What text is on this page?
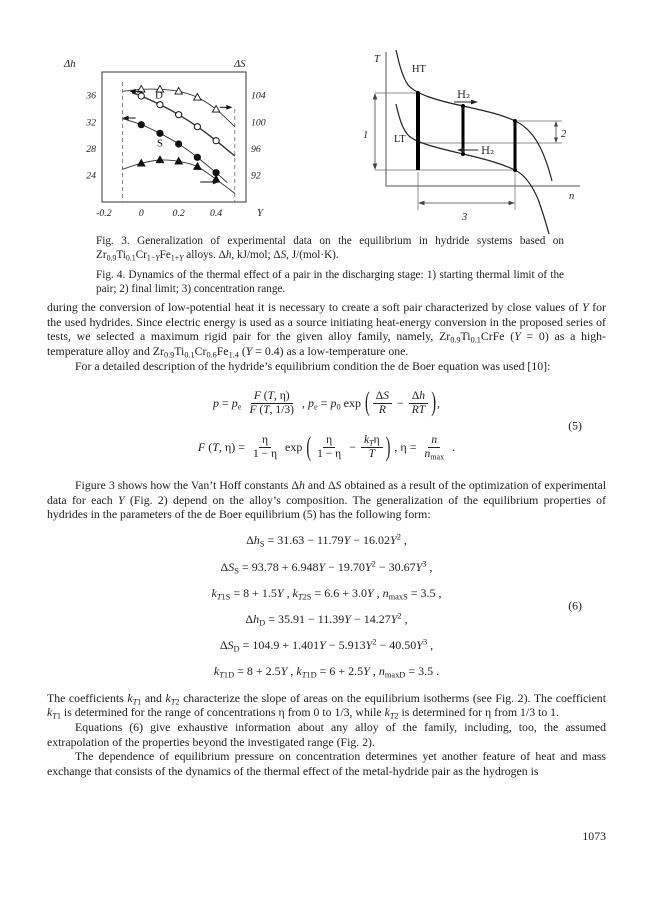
Δh	ΔS
36
32
28
24
104
100
96
92
-0.2	0	0.2	0.4	Y
D
S
T
n
HT
LT
H₂
H₂
1	2
3

Fig. 3. Generalization of experimental data on the equilibrium in hydride systems based on $Zr_{0.9}Ti_{0.1}Cr_{1-Y}Fe_{1+Y}$ alloys. Δh, kJ/mol; ΔS, J/(mol·K).

Fig. 4. Dynamics of the thermal effect of a pair in the discharging stage: 1) starting thermal limit of the pair; 2) final limit; 3) concentration range.

during the conversion of low-potential heat it is necessary to create a soft pair characterized by close values of Y for the used hydrides. Since electric energy is used as a source initiating heat-energy conversion in the proposed series of tests, we selected a maximum rigid pair for the given alloy family, namely, $Zr_{0.9}Ti_{0.1}CrFe$ (Y = 0) as a high-temperature alloy and $Zr_{0.9}Ti_{0.1}Cr_{0.6}Fe_{1.4}$ (Y = 0.4) as a low-temperature one.

For a detailed description of the hydride’s equilibrium condition the de Boer equation was used [10]:

$p = p_e \frac{F (T, \eta)}{F (T, 1/3)}$ , $p_e = p_0$ exp ( $\frac{\Delta S}{R} - \frac{\Delta h}{RT}$ ),
F (T, $\eta) = \frac{\eta}{1 - \eta}$ exp ( $\frac{\eta}{1 - \eta} - \frac{k_T\eta}{T}$ ) , $\eta = \frac{n}{n_{max}}$ .
(5)

Figure 3 shows how the Van’t Hoff constants Δh and ΔS obtained as a result of the optimization of experimental data for each Y (Fig. 2) depend on the alloy’s composition. The generalization of the equilibrium properties of hydrides in the parameters of the de Boer equilibrium (5) has the following form:

$\Delta h_S = 31.63 - 11.79Y - 16.02Y^2$ ,
$\Delta S_S = 93.78 + 6.948Y - 19.70Y^2 - 30.67Y^3$ ,
$k_{T1S} = 8 + 1.5Y$ , $k_{T2S} = 6.6 + 3.0Y$ , $n_{maxS} = 3.5$ ,
$\Delta h_D = 35.91 - 11.39Y - 14.27Y^2$ ,
$\Delta S_D = 104.9 + 1.401Y - 5.913Y^2 - 40.50Y^3$ ,
$k_{T1D} = 8 + 2.5Y$ , $k_{T1D} = 6 + 2.5Y$ , $n_{maxD} = 3.5$ .
(6)

The coefficients $k_{T1}$ and $k_{T2}$ characterize the slope of areas on the equilibrium isotherms (see Fig. 2). The coefficient $k_{T1}$ is determined for the range of concentrations η from 0 to 1/3, while $k_{T2}$ is determined for η from 1/3 to 1.

Equations (6) give exhaustive information about any alloy of the family, including, too, the assumed extrapolation of the properties beyond the investigated range (Fig. 2).

The dependence of equilibrium pressure on concentration determines yet another feature of heat and mass exchange that consists of the dynamics of the thermal effect of the metal-hydride pair as the hydrogen is

1073
